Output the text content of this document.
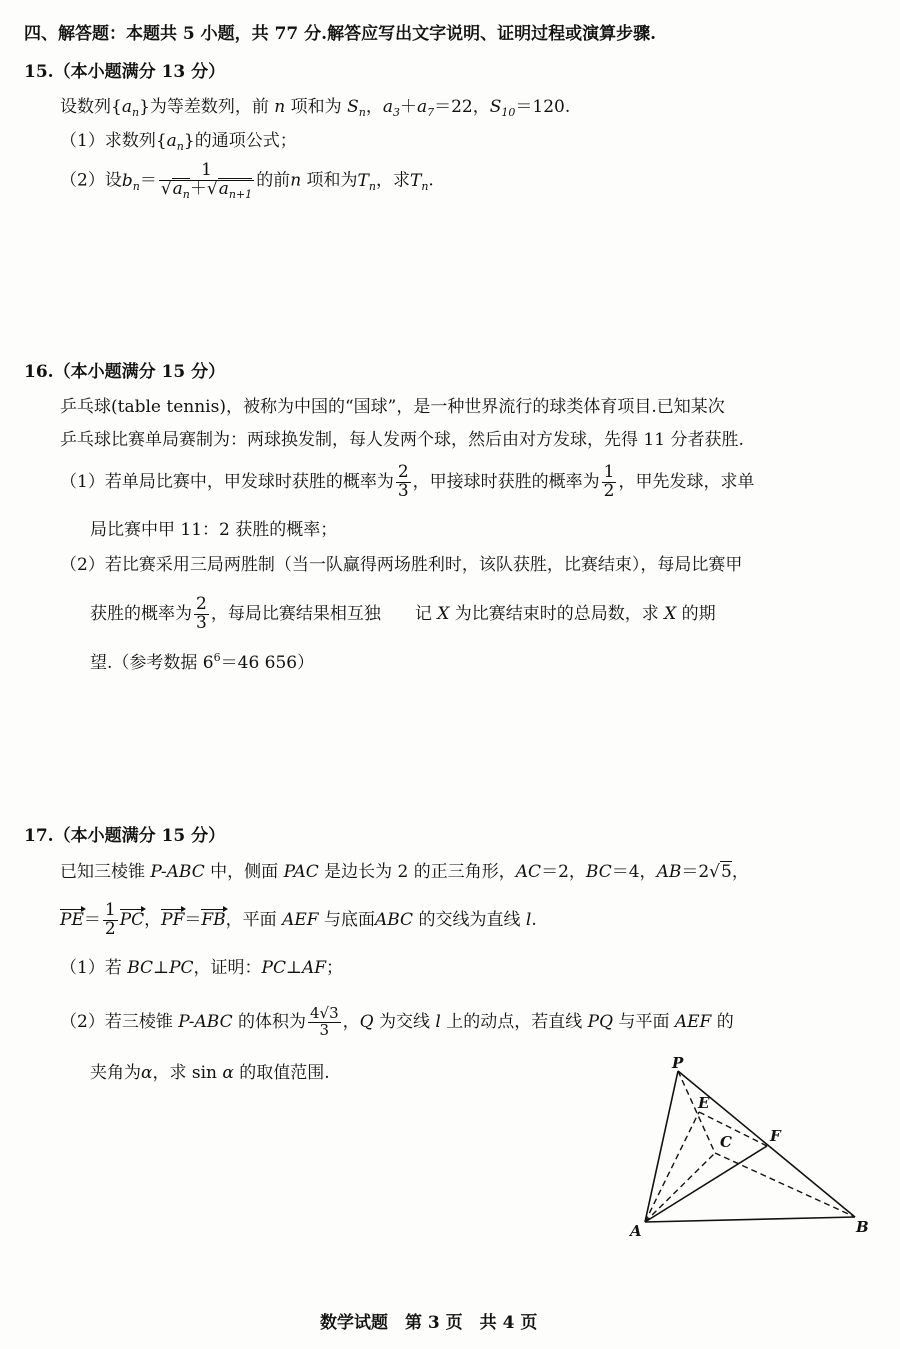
四、解答题：本题共 5 小题，共 77 分.解答应写出文字说明、证明过程或演算步骤.
15.（本小题满分 13 分）
设数列$\{a_n\}$为等差数列，前 n 项和为 $S_n$，$a_3+a_7=22$，$S_{10}=120$.
（1）求数列$\{a_n\}$的通项公式；
（2）设$b_n= \frac{1}{√a_n+√a_{n+1}}$ 的前n 项和为$T_n$，求$T_n$.
16.（本小题满分 15 分）
乒乓球(table tennis)，被称为中国的“国球”，是一种世界流行的球类体育项目.已知某次
乒乓球比赛单局赛制为：两球换发制，每人发两个球，然后由对方发球，先得 11 分者获胜.
（1）若单局比赛中，甲发球时获胜的概率为 $\frac{2}{3}$ ，甲接球时获胜的概率为 $\frac{1}{2}$ ，甲先发球，求单
局比赛中甲 11：2 获胜的概率；
（2）若比赛采用三局两胜制（当一队赢得两场胜利时，该队获胜，比赛结束），每局比赛甲
获胜的概率为 $\frac{2}{3}$ ，每局比赛结果相互独　　 记 X 为比赛结束时的总局数，求 X 的期
望.（参考数据 $6^6=46$ 656）
17.（本小题满分 15 分）
已知三棱锥 P-ABC 中，侧面 PAC 是边长为 2 的正三角形，AC＝2，BC＝4，AB＝2√5，
$PE= \frac{1}{2}$ PC，PF＝FB，平面 AEF 与底面ABC 的交线为直线 l.
（1）若 BC⊥PC，证明：PC⊥AF；
（2）若三棱锥 P-ABC 的体积为 $\frac{4√3}{3}$ ，Q 为交线 l 上的动点，若直线 PQ 与平面 AEF 的
夹角为α，求 sin α 的取值范围.	P
E
C	F
A	B
数学试题　第 3 页　共 4 页
